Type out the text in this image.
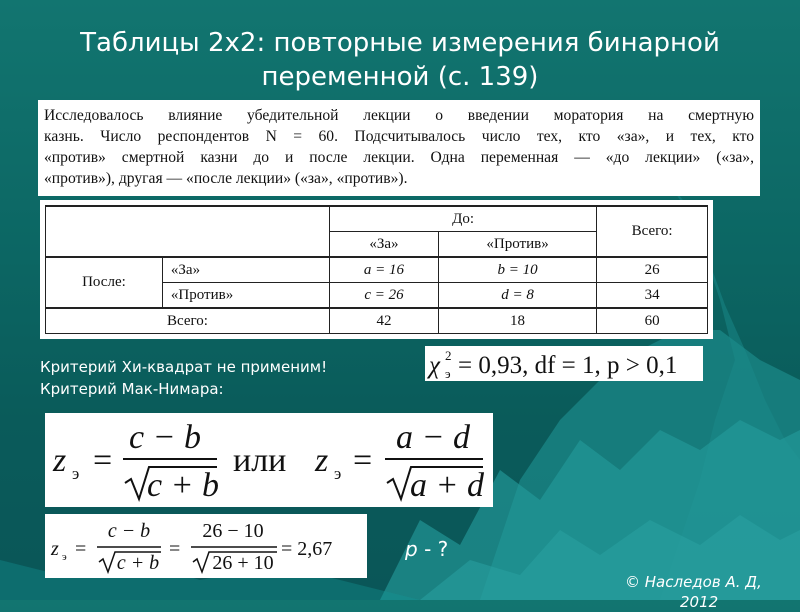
Таблицы 2х2: повторные измерения бинарной
переменной (с. 139)
Исследовалось влияние убедительной лекции о введении моратория на смертную
казнь. Число респондентов N = 60. Подсчитывалось число тех, кто «за», и тех, кто
«против» смертной казни до и после лекции. Одна переменная — «до лекции» («за»,
«против»), другая — «после лекции» («за», «против»).
		До:		Всего:
		«За»	«Против»	
После:	«За»	a = 16	b = 10	26
	«Против»	c = 26	d = 8	34
Всего:		42	18	60
Критерий Хи-квадрат не применим!
Критерий Мак-Нимара:
χ 2
э = 0,93, df = 1, p > 0,1
z э =
c − b
c + b
или z э =
a − d
a + d
z э =
c − b
c + b
=
26 − 10
26 + 10
= 2,67	p - ?
© Наследов А. Д,
2012
